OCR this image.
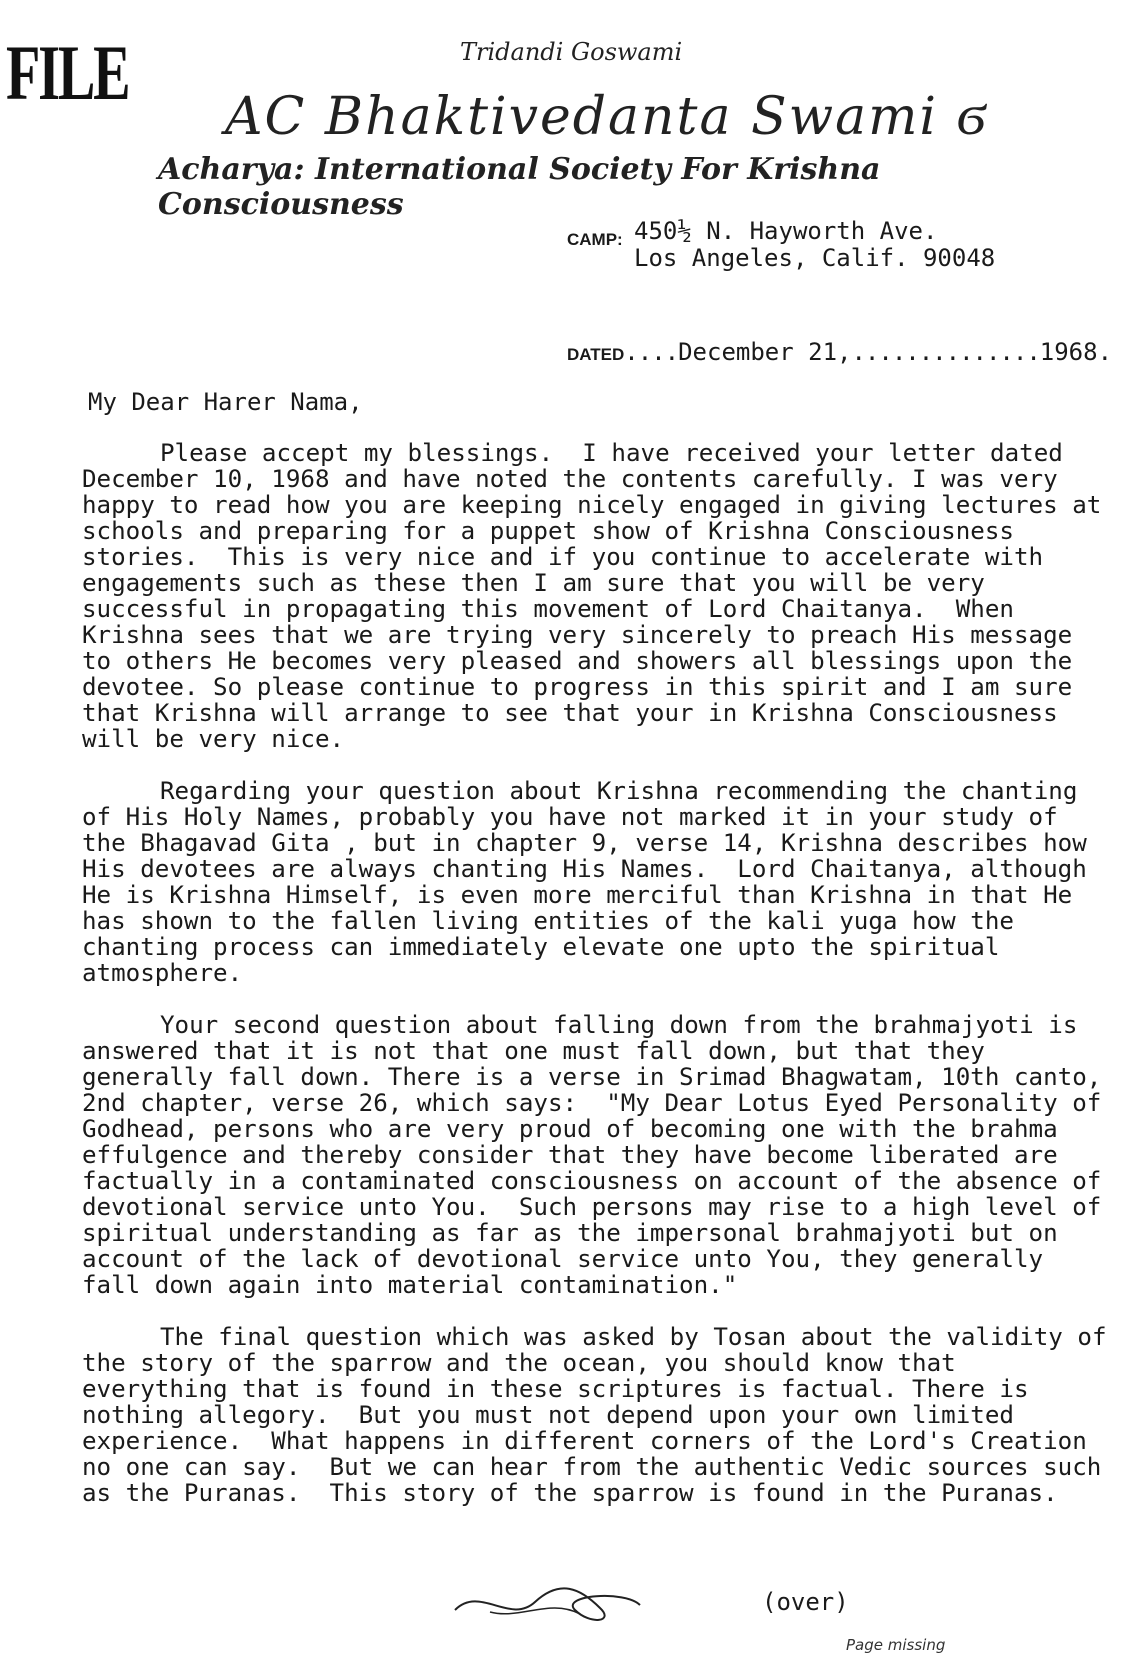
FILE	Tridandi Goswami
AC Bhaktivedanta Swami ϭ
Acharya: International Society For Krishna Consciousness
CAMP: 450½ N. Hayworth Ave.
Los Angeles, Calif. 90048
DATED....December 21,..............1968.
My Dear Harer Nama,

Please accept my blessings.  I have received your letter dated December 10, 1968 and have noted the contents carefully. I was very happy to read how you are keeping nicely engaged in giving lectures at schools and preparing for a puppet show of Krishna Consciousness stories.  This is very nice and if you continue to accelerate with engagements such as these then I am sure that you will be very successful in propagating this movement of Lord Chaitanya.  When Krishna sees that we are trying very sincerely to preach His message to others He becomes very pleased and showers all blessings upon the devotee. So please continue to progress in this spirit and I am sure that Krishna will arrange to see that your in Krishna Consciousness will be very nice.

Regarding your question about Krishna recommending the chanting of His Holy Names, probably you have not marked it in your study of the Bhagavad Gita , but in chapter 9, verse 14, Krishna describes how His devotees are always chanting His Names.  Lord Chaitanya, although He is Krishna Himself, is even more merciful than Krishna in that He has shown to the fallen living entities of the kali yuga how the chanting process can immediately elevate one upto the spiritual atmosphere.

Your second question about falling down from the brahmajyoti is answered that it is not that one must fall down, but that they generally fall down. There is a verse in Srimad Bhagwatam, 10th canto, 2nd chapter, verse 26, which says:  "My Dear Lotus Eyed Personality of Godhead, persons who are very proud of becoming one with the brahma effulgence and thereby consider that they have become liberated are factually in a contaminated consciousness on account of the absence of devotional service unto You.  Such persons may rise to a high level of spiritual understanding as far as the impersonal brahmajyoti but on account of the lack of devotional service unto You, they generally fall down again into material contamination."

The final question which was asked by Tosan about the validity of the story of the sparrow and the ocean, you should know that everything that is found in these scriptures is factual. There is nothing allegory.  But you must not depend upon your own limited experience.  What happens in different corners of the Lord's Creation no one can say.  But we can hear from the authentic Vedic sources such as the Puranas.  This story of the sparrow is found in the Puranas.

(over)
Page missing
